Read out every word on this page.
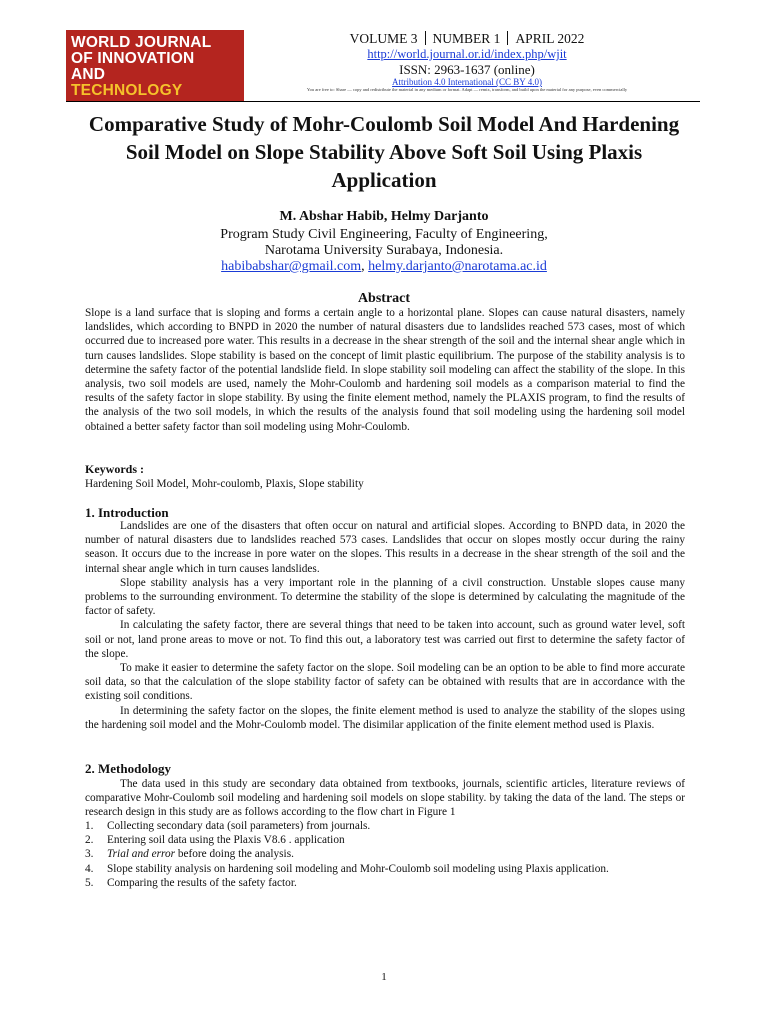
WORLD JOURNAL
OF INNOVATION
AND
TECHNOLOGY
VOLUME 3 NUMBER 1 APRIL 2022
http://world.journal.or.id/index.php/wjit
ISSN: 2963-1637 (online)
Attribution 4.0 International (CC BY 4.0)
You are free to: Share — copy and redistribute the material in any medium or format. Adapt — remix, transform, and build upon the material for any purpose, even commercially
Comparative Study of Mohr-Coulomb Soil Model And Hardening Soil Model on Slope Stability Above Soft Soil Using Plaxis Application
M. Abshar Habib, Helmy Darjanto
Program Study Civil Engineering, Faculty of Engineering,
Narotama University Surabaya, Indonesia.
habibabshar@gmail.com, helmy.darjanto@narotama.ac.id
Abstract
Slope is a land surface that is sloping and forms a certain angle to a horizontal plane. Slopes can cause natural disasters, namely landslides, which according to BNPD in 2020 the number of natural disasters due to landslides reached 573 cases, most of which occurred due to increased pore water. This results in a decrease in the shear strength of the soil and the internal shear angle which in turn causes landslides. Slope stability is based on the concept of limit plastic equilibrium. The purpose of the stability analysis is to determine the safety factor of the potential landslide field. In slope stability soil modeling can affect the stability of the slope. In this analysis, two soil models are used, namely the Mohr-Coulomb and hardening soil models as a comparison material to find the results of the safety factor in slope stability. By using the finite element method, namely the PLAXIS program, to find the results of the analysis of the two soil models, in which the results of the analysis found that soil modeling using the hardening soil model obtained a better safety factor than soil modeling using Mohr-Coulomb.
Keywords :
Hardening Soil Model, Mohr-coulomb, Plaxis, Slope stability
1. Introduction

Landslides are one of the disasters that often occur on natural and artificial slopes. According to BNPD data, in 2020 the number of natural disasters due to landslides reached 573 cases. Landslides that occur on slopes mostly occur during the rainy season. It occurs due to the increase in pore water on the slopes. This results in a decrease in the shear strength of the soil and the internal shear angle which in turn causes landslides.

Slope stability analysis has a very important role in the planning of a civil construction. Unstable slopes cause many problems to the surrounding environment. To determine the stability of the slope is determined by calculating the magnitude of the factor of safety.

In calculating the safety factor, there are several things that need to be taken into account, such as ground water level, soft soil or not, land prone areas to move or not. To find this out, a laboratory test was carried out first to determine the safety factor of the slope.

To make it easier to determine the safety factor on the slope. Soil modeling can be an option to be able to find more accurate soil data, so that the calculation of the slope stability factor of safety can be obtained with results that are in accordance with the existing soil conditions.

In determining the safety factor on the slopes, the finite element method is used to analyze the stability of the slopes using the hardening soil model and the Mohr-Coulomb model. The disimilar application of the finite element method used is Plaxis.

2. Methodology

The data used in this study are secondary data obtained from textbooks, journals, scientific articles, literature reviews of comparative Mohr-Coulomb soil modeling and hardening soil models on slope stability. by taking the data of the land. The steps or research design in this study are as follows according to the flow chart in Figure 1

1. Collecting secondary data (soil parameters) from journals.
2. Entering soil data using the Plaxis V8.6 . application
3. Trial and error before doing the analysis.
4. Slope stability analysis on hardening soil modeling and Mohr-Coulomb soil modeling using Plaxis application.
5. Comparing the results of the safety factor.
1
